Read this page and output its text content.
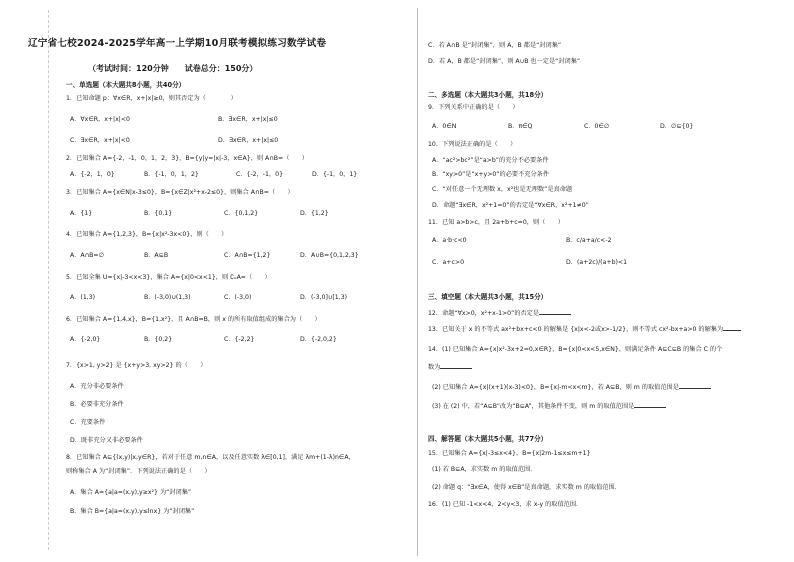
辽宁省七校2024-2025学年高一上学期10月联考模拟练习数学试卷
（考试时间：120分钟　　试卷总分：150分）
一、单选题（本大题共8小题，共40分）
1．已知命题 p：∀x∈R，x+|x|≥0，则其否定为（　　　　）
A．∀x∈R，x+|x|<0	B．∃x∈R，x+|x|≤0
C．∃x∈R，x+|x|<0	D．∃x∈R，x+|x|≤0
2．已知集合 A={-2，-1，0，1，2，3}，B={y|y=|x|-3，x∈A}，则 A∩B=（　　）
A．{-2，1，0}	B．{-1，0，1，2}	C．{-2，-1，0}	D．{-1，0，1}
3．已知集合 A={x∈N|x-3≤0}，B={x∈Z|x²+x-2≤0}，则集合 A∩B=（　　）
A．{1}	B．{0,1}	C．{0,1,2}	D．{1,2}
4．已知集合 A={1,2,3}，B={x|x²-3x<0}，则（　　）
A．A∩B=∅	B．A⊆B	C．A∩B={1,2}	D．A∪B={0,1,2,3}
5．已知全集 U={x|-3<x<3}，集合 A={x|0<x<1}，则 ∁ᵤA=（　　）
A．(1,3)	B．(-3,0)∪(1,3)	C．(-3,0)	D．(-3,0]∪[1,3)
6．已知集合 A={1,4,x}，B={1,x²}，且 A∩B=B，则 x 的所有取值组成的集合为（　　）
A．{-2,0}	B．{0,2}	C．{-2,2}	D．{-2,0,2}
7．{x>1, y>2} 是 {x+y>3, xy>2} 的（　　）
A．充分非必要条件
B．必要非充分条件
C．充要条件
D．既非充分又非必要条件
8．已知集合 A⊆{(x,y)|x,y∈R}，若对于任意 m,n∈A，以及任意实数 λ∈[0,1]，满足 λm+(1-λ)n∈A，
则称集合 A 为“封闭集”．下列说法正确的是（　　）
A．集合 A={a|a=(x,y),y≥x²} 为“封闭集”
B．集合 B={a|a=(x,y),y≤lnx} 为“封闭集”
C．若 A∩B 是“封闭集”，则 A，B 都是“封闭集”
D．若 A，B 都是“封闭集”，则 A∪B 也一定是“封闭集”
二、多选题（本大题共3小题，共18分）
9．下列关系中正确的是（　　）
A．0∈N	B．π∈Q	C．0∈∅	D．∅⊆{0}
10．下列说法正确的是（　　）
A．“ac²>bc²”是“a>b”的充分不必要条件
B．“xy>0”是“x+y>0”的必要不充分条件
C．“对任意一个无理数 x，x²也是无理数”是真命题
D．命题“∃x∈R，x²+1=0”的否定是“∀x∈R，x²+1≠0”
11．已知 a>b>c，且 2a+b+c=0，则（　　）
A．a·b·c<0	B．c/a+a/c<-2
C．a+c>0	D．(a+2c)/(a+b)<1
三、填空题（本大题共3小题，共15分）
12．命题“∀x>0，x²+x-1>0”的否定是
13．已知关于 x 的不等式 ax²+bx+c<0 的解集是 {x|x<-2或x>-1/2}，则不等式 cx²-bx+a>0 的解集为
14．(1) 已知集合 A={x|x²-3x+2=0,x∈R}，B={x|0<x<5,x∈N}，则满足条件 A⊆C⊆B 的集合 C 的个
数为
(2) 已知集合 A={x|(x+1)(x-3)<0}，B={x|-m<x<m}，若 A⊆B，则 m 的取值范围是
(3) 在 (2) 中，若“A⊆B”改为“B⊆A”，其他条件不变，则 m 的取值范围是
四、解答题（本大题共5小题，共77分）
15．已知集合 A={x|-3≤x<4}，B={x|2m-1≤x≤m+1}
(1) 若 B⊆A，求实数 m 的取值范围．
(2) 命题 q：“∃x∈A，使得 x∈B”是真命题，求实数 m 的取值范围．
16．(1) 已知 -1<x<4，2<y<3，求 x-y 的取值范围．
